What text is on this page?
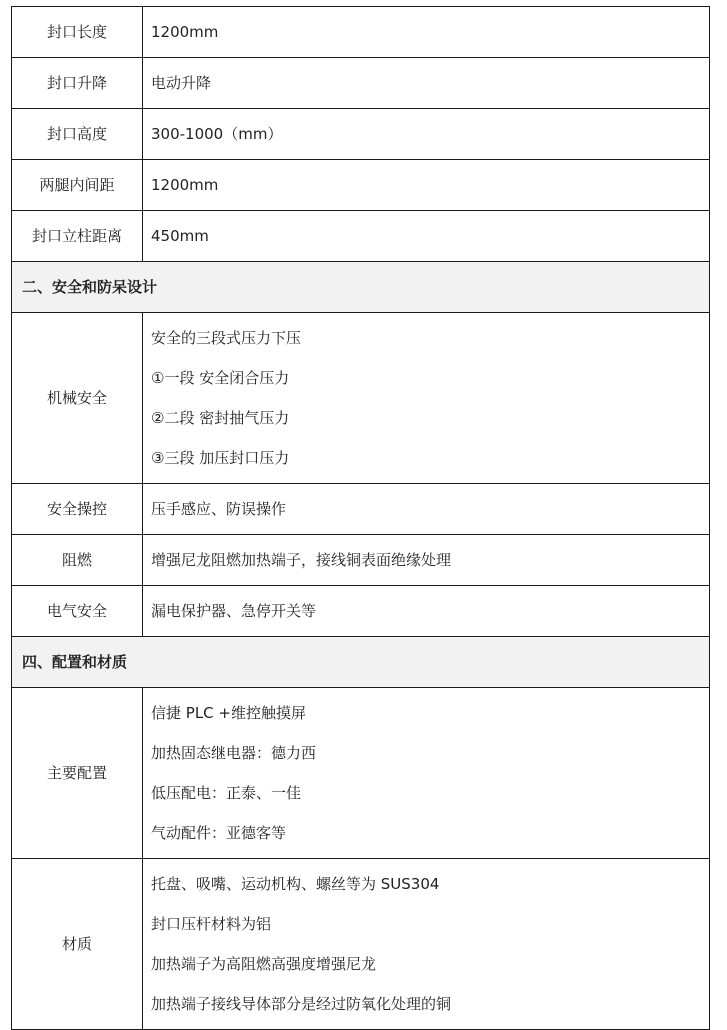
封口长度	1200mm
封口升降	电动升降
封口高度	300-1000（mm）
两腿内间距	1200mm
封口立柱距离	450mm
二、安全和防呆设计	
机械安全	安全的三段式压力下压
①一段 安全闭合压力
②二段 密封抽气压力
③三段 加压封口压力

安全操控	压手感应、防误操作
阻燃	增强尼龙阻燃加热端子，接线铜表面绝缘处理
电气安全	漏电保护器、急停开关等
四、配置和材质	
主要配置	信捷 PLC +维控触摸屏
加热固态继电器：德力西
低压配电：正泰、一佳
气动配件：亚德客等

材质	托盘、吸嘴、运动机构、螺丝等为 SUS304
封口压杆材料为铝
加热端子为高阻燃高强度增强尼龙
加热端子接线导体部分是经过防氧化处理的铜
